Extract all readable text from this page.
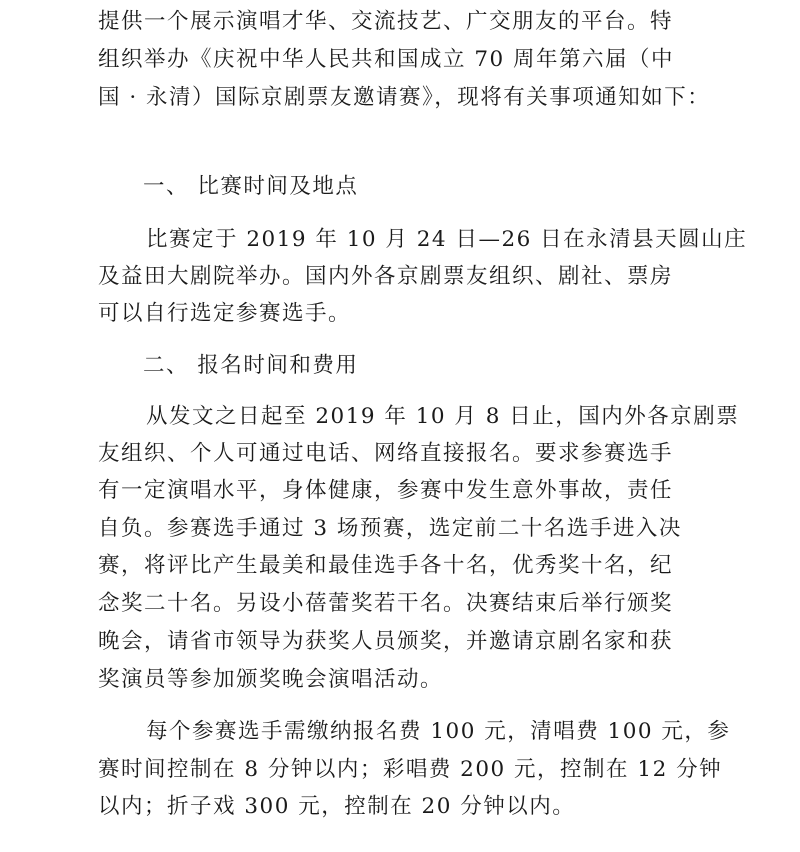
提供一个展示演唱才华、交流技艺、广交朋友的平台。特
组织举办《庆祝中华人民共和国成立 70 周年第六届（中
国 · 永清）国际京剧票友邀请赛》，现将有关事项通知如下：
一、 比赛时间及地点
比赛定于 2019 年 10 月 24 日—26 日在永清县天圆山庄
及益田大剧院举办。国内外各京剧票友组织、剧社、票房
可以自行选定参赛选手。
二、 报名时间和费用
从发文之日起至 2019 年 10 月 8 日止，国内外各京剧票
友组织、个人可通过电话、网络直接报名。要求参赛选手
有一定演唱水平，身体健康，参赛中发生意外事故，责任
自负。参赛选手通过 3 场预赛，选定前二十名选手进入决
赛，将评比产生最美和最佳选手各十名，优秀奖十名，纪
念奖二十名。另设小蓓蕾奖若干名。决赛结束后举行颁奖
晚会，请省市领导为获奖人员颁奖，并邀请京剧名家和获
奖演员等参加颁奖晚会演唱活动。
每个参赛选手需缴纳报名费 100 元，清唱费 100 元，参
赛时间控制在 8 分钟以内；彩唱费 200 元，控制在 12 分钟
以内；折子戏 300 元，控制在 20 分钟以内。
